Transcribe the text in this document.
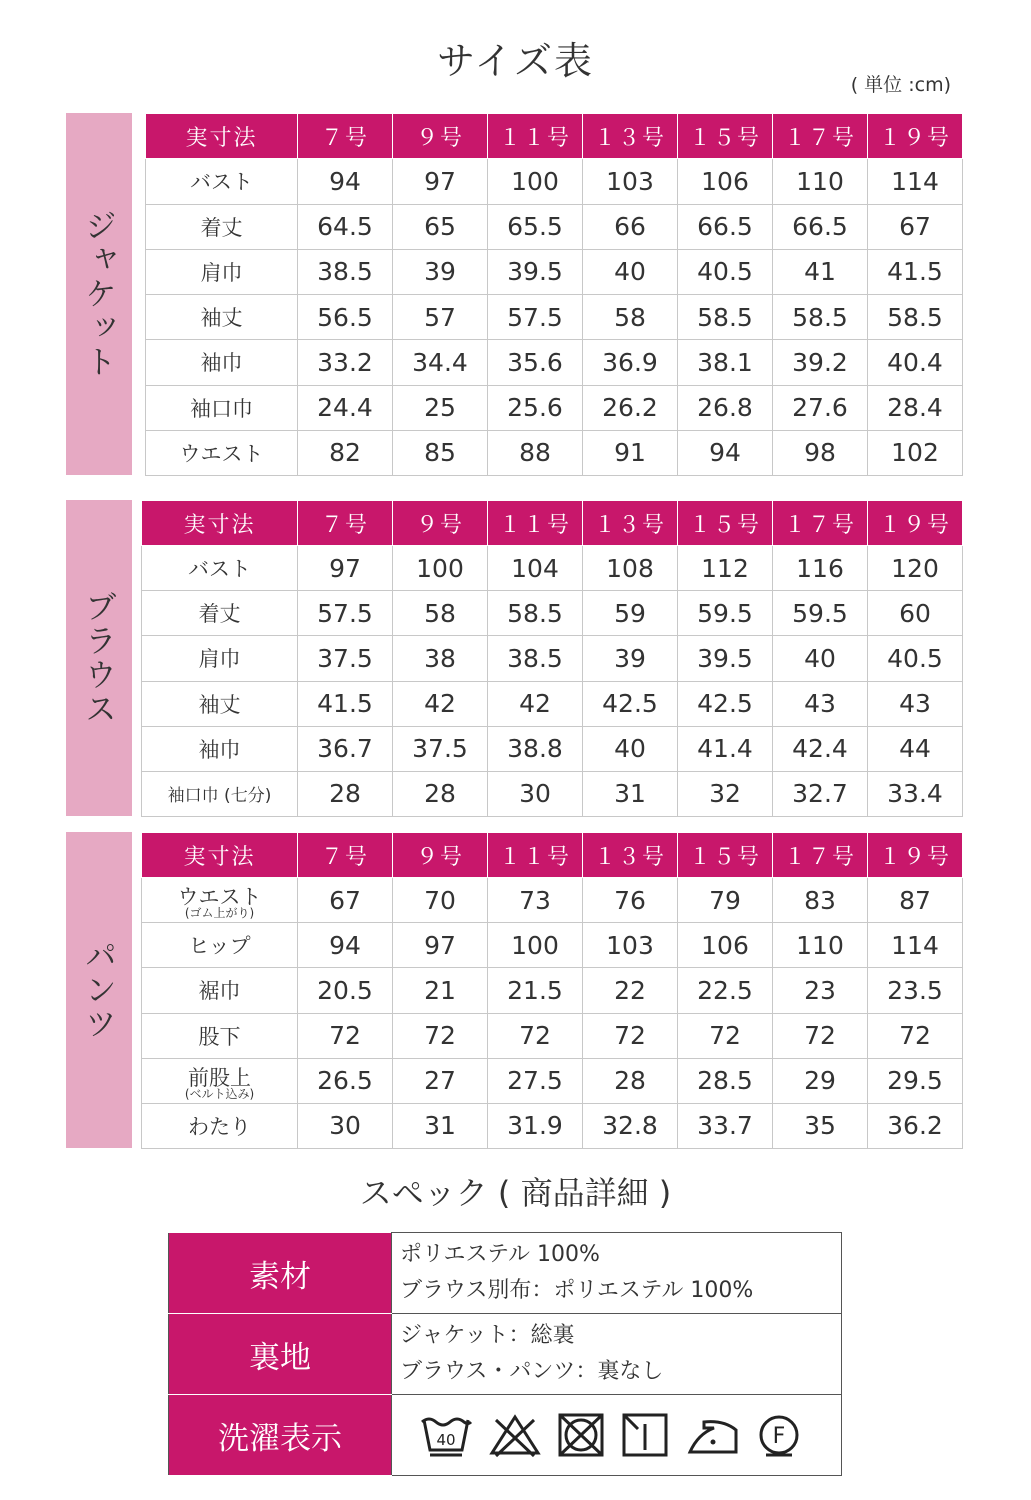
サイズ表
( 単位 :cm)
ジャケット
実寸法	７号	９号	１１号	１３号	１５号	１７号	１９号
バスト	94	97	100	103	106	110	114
着丈	64.5	65	65.5	66	66.5	66.5	67
肩巾	38.5	39	39.5	40	40.5	41	41.5
袖丈	56.5	57	57.5	58	58.5	58.5	58.5
袖巾	33.2	34.4	35.6	36.9	38.1	39.2	40.4
袖口巾	24.4	25	25.6	26.2	26.8	27.6	28.4
ウエスト	82	85	88	91	94	98	102
ブラウス
実寸法	７号	９号	１１号	１３号	１５号	１７号	１９号
バスト	97	100	104	108	112	116	120
着丈	57.5	58	58.5	59	59.5	59.5	60
肩巾	37.5	38	38.5	39	39.5	40	40.5
袖丈	41.5	42	42	42.5	42.5	43	43
袖巾	36.7	37.5	38.8	40	41.4	42.4	44
袖口巾 (七分)	28	28	30	31	32	32.7	33.4
パンツ
実寸法	７号	９号	１１号	１３号	１５号	１７号	１９号
ウエスト
(ゴム上がり)	67	70	73	76	79	83	87
ヒップ	94	97	100	103	106	110	114
裾巾	20.5	21	21.5	22	22.5	23	23.5
股下	72	72	72	72	72	72	72
前股上
(ベルト込み)	26.5	27	27.5	28	28.5	29	29.5
わたり	30	31	31.9	32.8	33.7	35	36.2
スペック ( 商品詳細 )
素材	ポリエステル 100%
ブラウス別布：ポリエステル 100%

裏地	ジャケット：総裏
ブラウス・パンツ：裏なし

洗濯表示	40 F
